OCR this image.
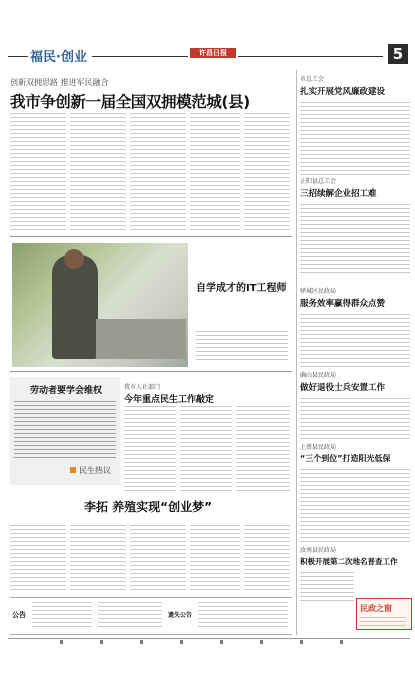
福民·创业	许昌日报	5
创新双拥思路 推进军民融合
我市争创新一届全国双拥模范城(县)
自学成才的IT工程师
劳动者要学会维权
民生热议
我市人社部门
今年重点民生工作敲定
李拓 养殖实现“创业梦”
公告	遗失公告
市总工会
扎实开展党风廉政建设
正阳县总工会
三招续解企业招工难
驿城区民政局
服务效率赢得群众点赞
确山县民政局
做好退役士兵安置工作
上蔡县民政局
“三个到位”打造阳光低保
汝南县民政局
积极开展第二次地名普查工作
民政之窗
